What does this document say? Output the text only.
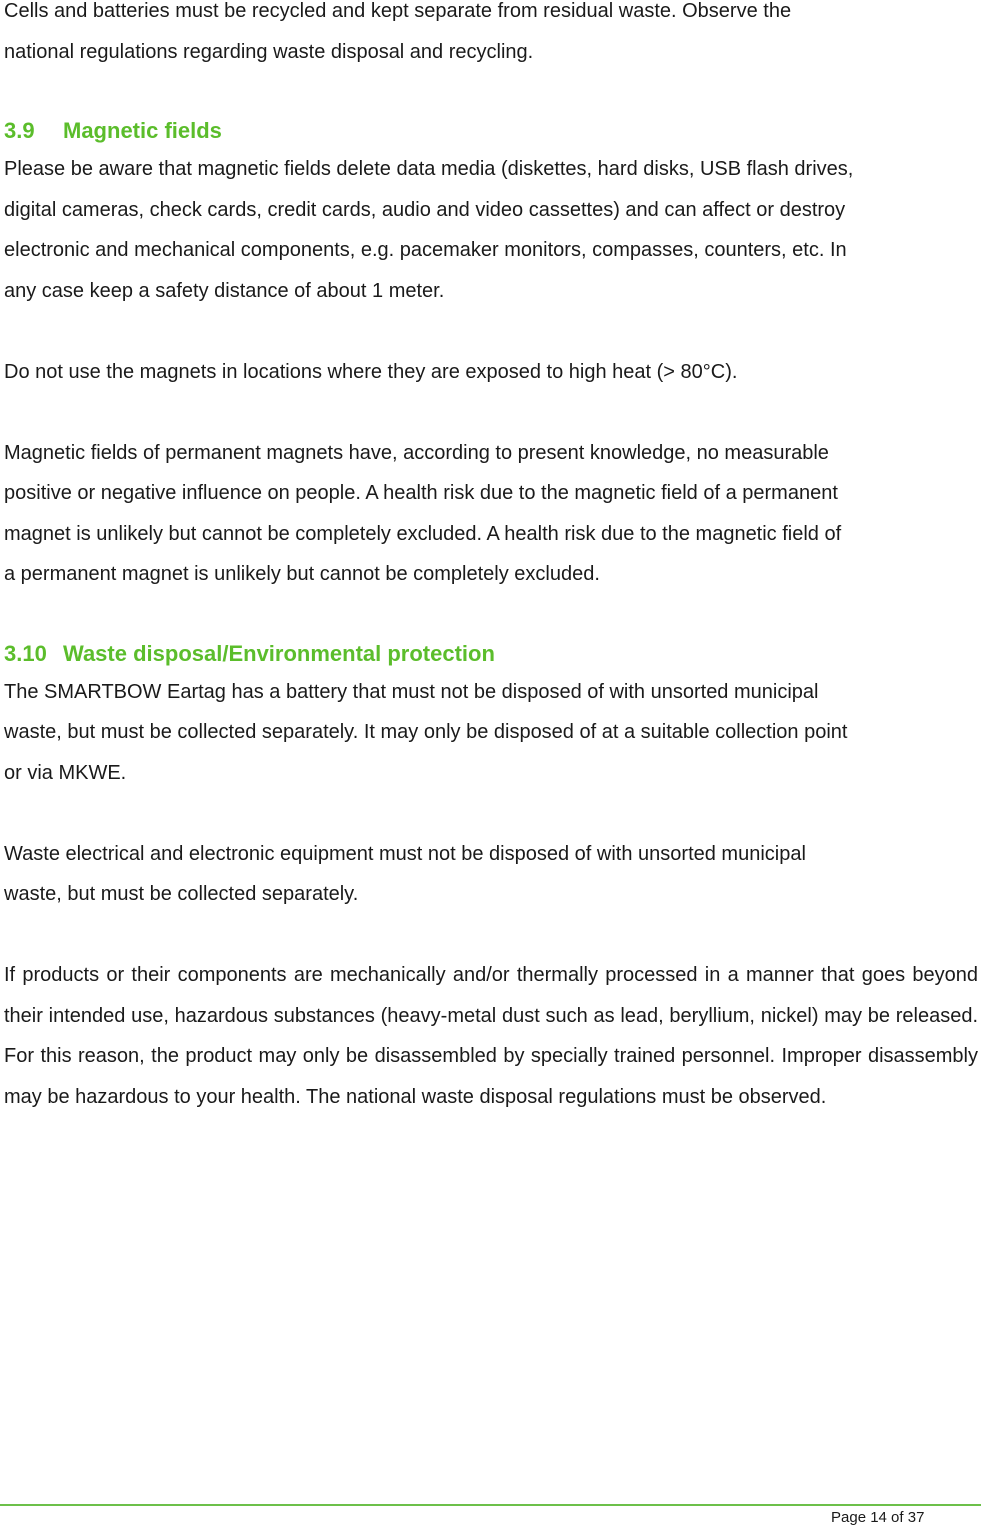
Cells and batteries must be recycled and kept separate from residual waste. Observe the

national regulations regarding waste disposal and recycling.

3.9	Magnetic fields

Please be aware that magnetic fields delete data media (diskettes, hard disks, USB flash drives,

digital cameras, check cards, credit cards, audio and video cassettes) and can affect or destroy

electronic and mechanical components, e.g. pacemaker monitors, compasses, counters, etc. In

any case keep a safety distance of about 1 meter.

Do not use the magnets in locations where they are exposed to high heat (> 80°C).

Magnetic fields of permanent magnets have, according to present knowledge, no measurable

positive or negative influence on people. A health risk due to the magnetic field of a permanent

magnet is unlikely but cannot be completely excluded. A health risk due to the magnetic field of

a permanent magnet is unlikely but cannot be completely excluded.

3.10 Waste disposal/Environmental protection

The SMARTBOW Eartag has a battery that must not be disposed of with unsorted municipal

waste, but must be collected separately. It may only be disposed of at a suitable collection point

or via MKWE.

Waste electrical and electronic equipment must not be disposed of with unsorted municipal

waste, but must be collected separately.

If products or their components are mechanically and/or thermally processed in a manner that goes beyond their intended use, hazardous substances (heavy-metal dust such as lead, beryllium, nickel) may be released. For this reason, the product may only be disassembled by specially trained personnel. Improper disassembly may be hazardous to your health. The national waste disposal regulations must be observed.

Page 14 of 37
